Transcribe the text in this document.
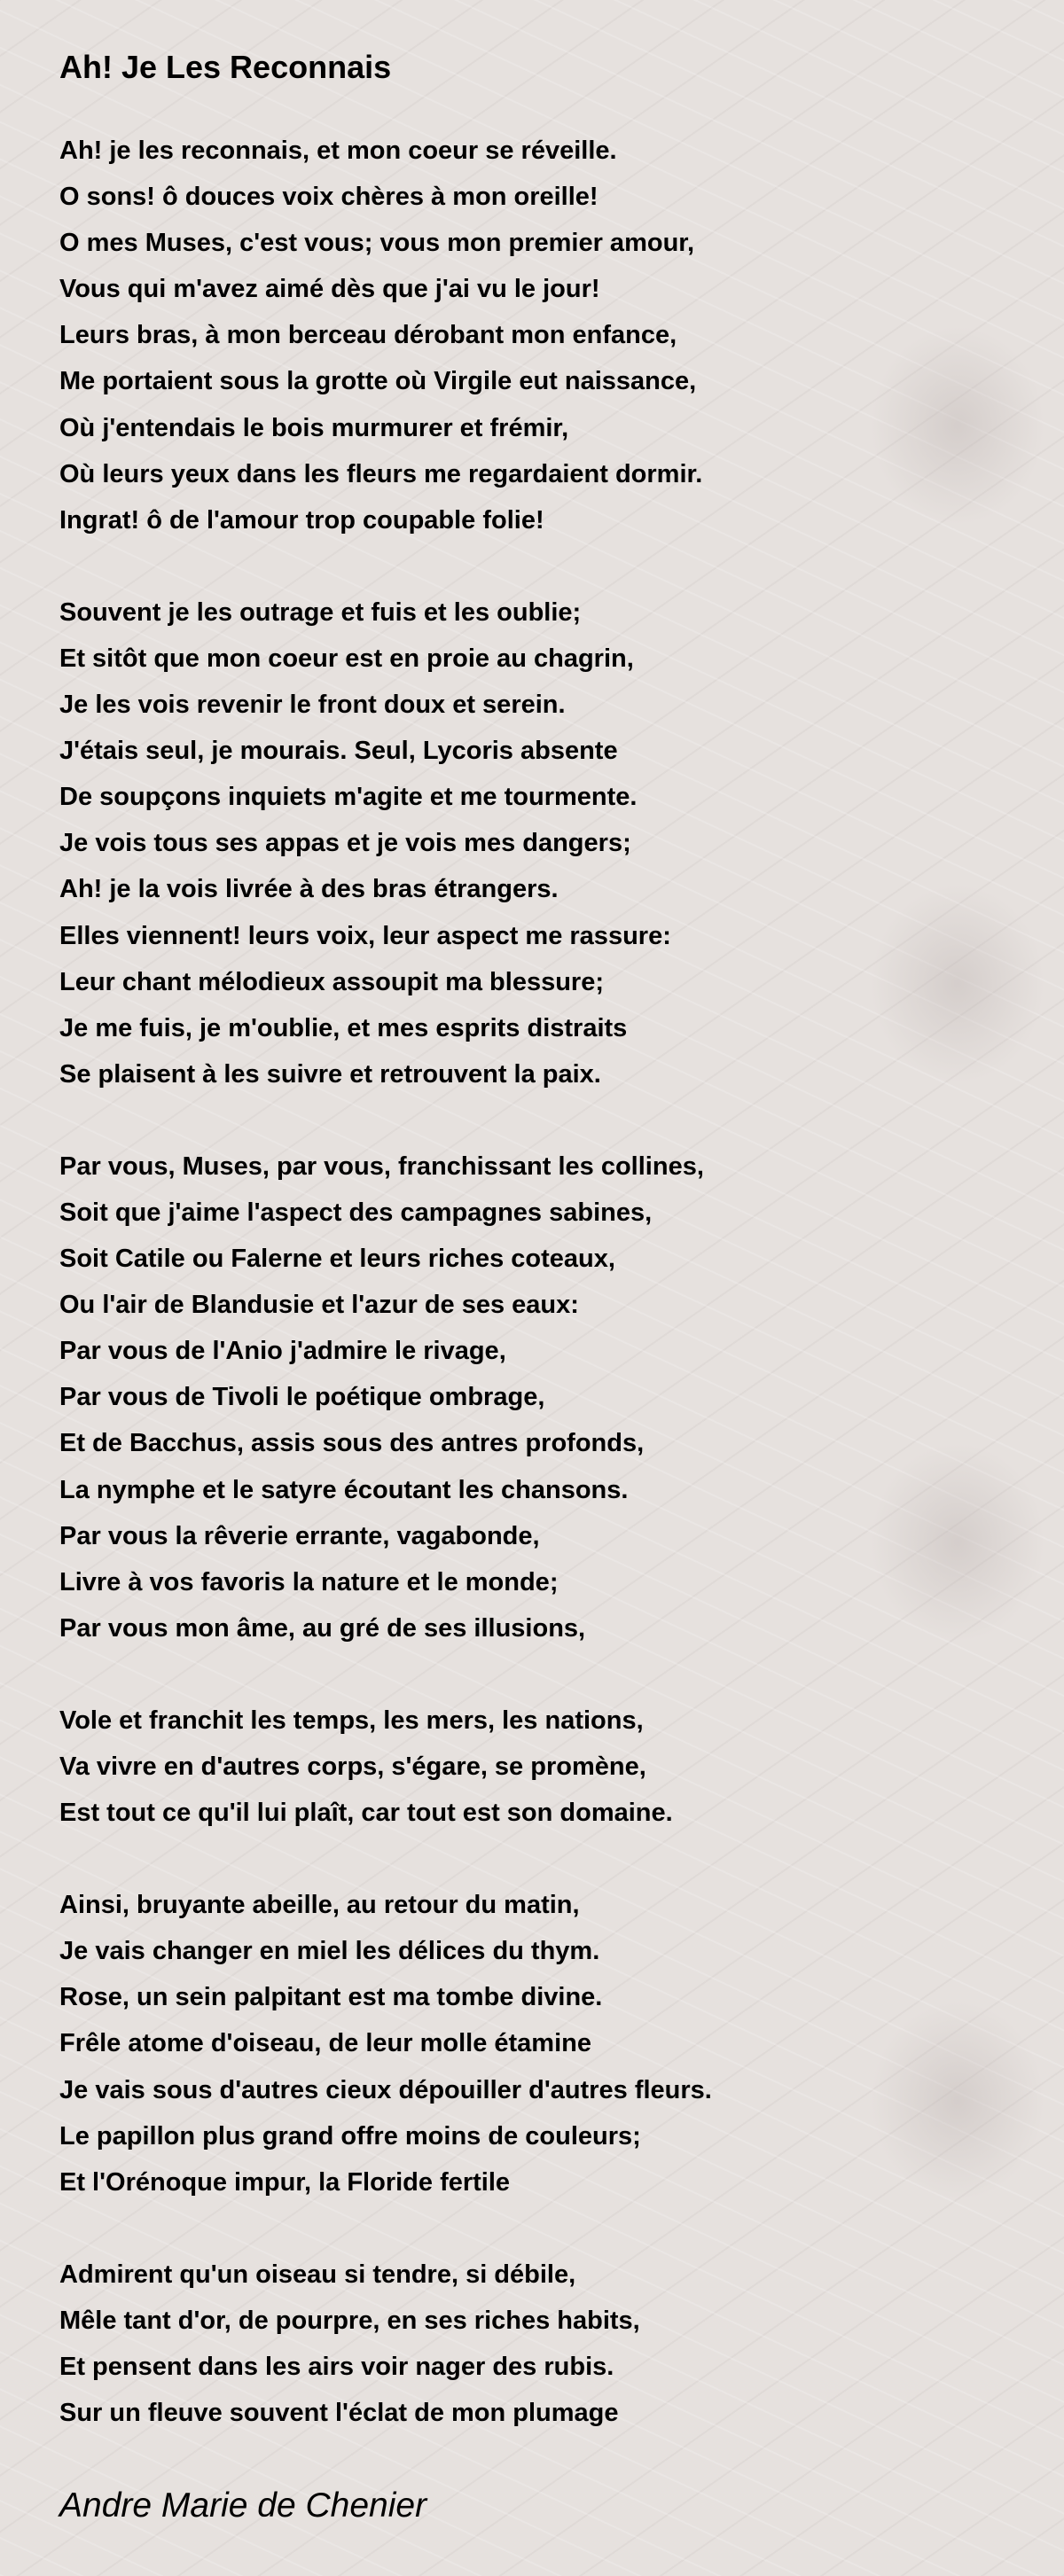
Ah! Je Les Reconnais
Ah! je les reconnais, et mon coeur se réveille.
O sons! ô douces voix chères à mon oreille!
O mes Muses, c'est vous; vous mon premier amour,
Vous qui m'avez aimé dès que j'ai vu le jour!
Leurs bras, à mon berceau dérobant mon enfance,
Me portaient sous la grotte où Virgile eut naissance,
Où j'entendais le bois murmurer et frémir,
Où leurs yeux dans les fleurs me regardaient dormir.
Ingrat! ô de l'amour trop coupable folie!
Souvent je les outrage et fuis et les oublie;
Et sitôt que mon coeur est en proie au chagrin,
Je les vois revenir le front doux et serein.
J'étais seul, je mourais. Seul, Lycoris absente
De soupçons inquiets m'agite et me tourmente.
Je vois tous ses appas et je vois mes dangers;
Ah! je la vois livrée à des bras étrangers.
Elles viennent! leurs voix, leur aspect me rassure:
Leur chant mélodieux assoupit ma blessure;
Je me fuis, je m'oublie, et mes esprits distraits
Se plaisent à les suivre et retrouvent la paix.
Par vous, Muses, par vous, franchissant les collines,
Soit que j'aime l'aspect des campagnes sabines,
Soit Catile ou Falerne et leurs riches coteaux,
Ou l'air de Blandusie et l'azur de ses eaux:
Par vous de l'Anio j'admire le rivage,
Par vous de Tivoli le poétique ombrage,
Et de Bacchus, assis sous des antres profonds,
La nymphe et le satyre écoutant les chansons.
Par vous la rêverie errante, vagabonde,
Livre à vos favoris la nature et le monde;
Par vous mon âme, au gré de ses illusions,
Vole et franchit les temps, les mers, les nations,
Va vivre en d'autres corps, s'égare, se promène,
Est tout ce qu'il lui plaît, car tout est son domaine.
Ainsi, bruyante abeille, au retour du matin,
Je vais changer en miel les délices du thym.
Rose, un sein palpitant est ma tombe divine.
Frêle atome d'oiseau, de leur molle étamine
Je vais sous d'autres cieux dépouiller d'autres fleurs.
Le papillon plus grand offre moins de couleurs;
Et l'Orénoque impur, la Floride fertile
Admirent qu'un oiseau si tendre, si débile,
Mêle tant d'or, de pourpre, en ses riches habits,
Et pensent dans les airs voir nager des rubis.
Sur un fleuve souvent l'éclat de mon plumage
Andre Marie de Chenier
